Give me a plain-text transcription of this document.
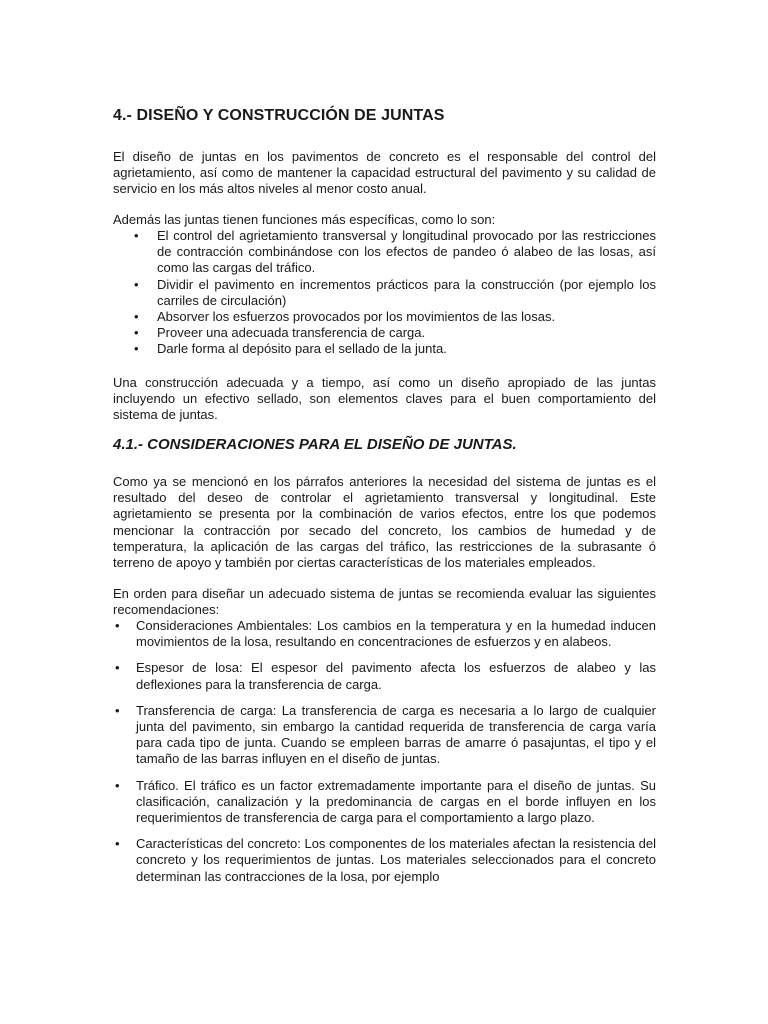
4.- DISEÑO Y CONSTRUCCIÓN DE JUNTAS

El diseño de juntas en los pavimentos de concreto es el responsable del control del agrietamiento, así como de mantener la capacidad estructural del pavimento y su calidad de servicio en los más altos niveles al menor costo anual.

Además las juntas tienen funciones más específicas, como lo son:

• El control del agrietamiento transversal y longitudinal provocado por las restricciones de contracción combinándose con los efectos de pandeo ó alabeo de las losas, así como las cargas del tráfico.
• Dividir el pavimento en incrementos prácticos para la construcción (por ejemplo los carriles de circulación)
• Absorver los esfuerzos provocados por los movimientos de las losas.
• Proveer una adecuada transferencia de carga.
• Darle forma al depósito para el sellado de la junta.

Una construcción adecuada y a tiempo, así como un diseño apropiado de las juntas incluyendo un efectivo sellado, son elementos claves para el buen comportamiento del sistema de juntas.

4.1.- CONSIDERACIONES PARA EL DISEÑO DE JUNTAS.

Como ya se mencionó en los párrafos anteriores la necesidad del sistema de juntas es el resultado del deseo de controlar el agrietamiento transversal y longitudinal. Este agrietamiento se presenta por la combinación de varios efectos, entre los que podemos mencionar la contracción por secado del concreto, los cambios de humedad y de temperatura, la aplicación de las cargas del tráfico, las restricciones de la subrasante ó terreno de apoyo y también por ciertas características de los materiales empleados.

En orden para diseñar un adecuado sistema de juntas se recomienda evaluar las siguientes recomendaciones:

• Consideraciones Ambientales: Los cambios en la temperatura y en la humedad inducen movimientos de la losa, resultando en concentraciones de esfuerzos y en alabeos.
• Espesor de losa: El espesor del pavimento afecta los esfuerzos de alabeo y las deflexiones para la transferencia de carga.
• Transferencia de carga: La transferencia de carga es necesaria a lo largo de cualquier junta del pavimento, sin embargo la cantidad requerida de transferencia de carga varía para cada tipo de junta. Cuando se empleen barras de amarre ó pasajuntas, el tipo y el tamaño de las barras influyen en el diseño de juntas.
• Tráfico. El tráfico es un factor extremadamente importante para el diseño de juntas. Su clasificación, canalización y la predominancia de cargas en el borde influyen en los requerimientos de transferencia de carga para el comportamiento a largo plazo.
• Características del concreto: Los componentes de los materiales afectan la resistencia del concreto y los requerimientos de juntas. Los materiales seleccionados para el concreto determinan las contracciones de la losa, por ejemplo
